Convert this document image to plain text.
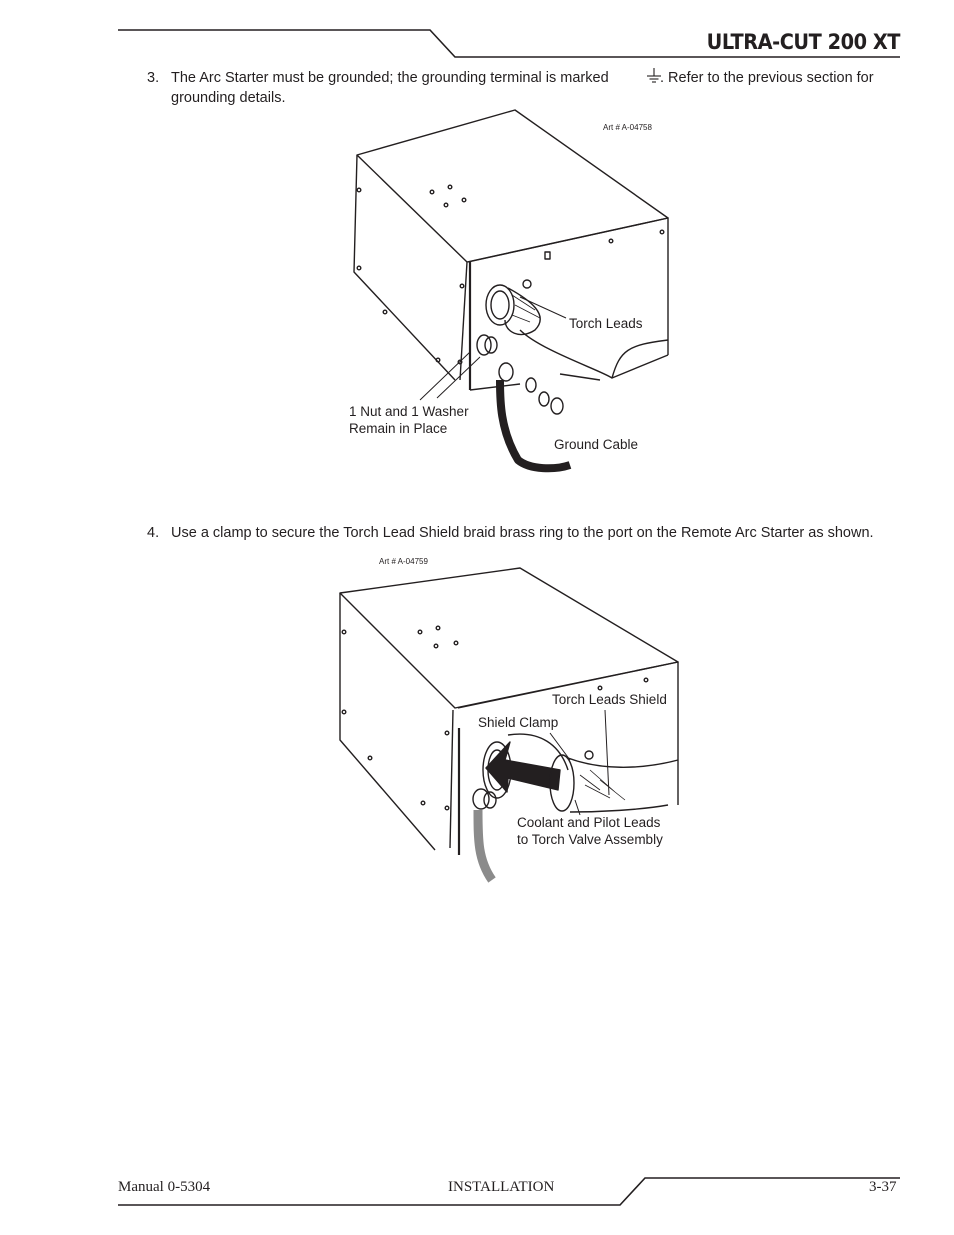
ULTRA-CUT 200 XT
3. The Arc Starter must be grounded; the grounding terminal is marked	. Refer to the previous section for
grounding details.
Art # A-04758
Torch Leads
1 Nut and 1 Washer
Remain in Place
Ground Cable
4. Use a clamp to secure the Torch Lead Shield braid brass ring to the port on the Remote Arc Starter as shown.
Art # A-04759
Torch Leads Shield
Shield Clamp
Coolant and Pilot Leads
to Torch Valve Assembly
Manual 0-5304	INSTALLATION	3-37
